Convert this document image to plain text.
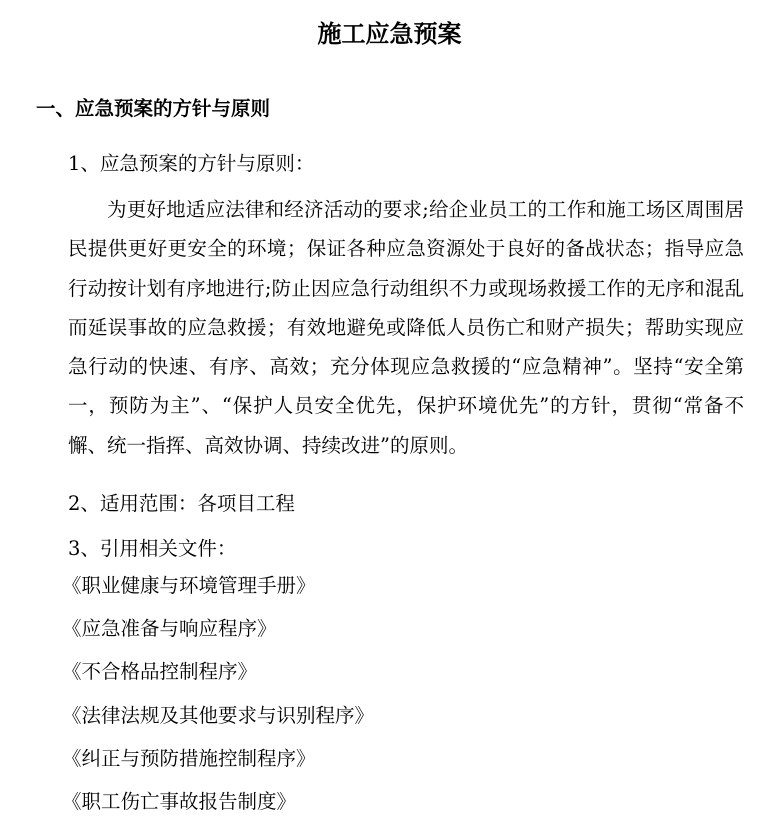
施工应急预案
一、应急预案的方针与原则
1、应急预案的方针与原则：

为更好地适应法律和经济活动的要求;给企业员工的工作和施工场区周围居民提供更好更安全的环境；保证各种应急资源处于良好的备战状态；指导应急行动按计划有序地进行;防止因应急行动组织不力或现场救援工作的无序和混乱而延误事故的应急救援；有效地避免或降低人员伤亡和财产损失；帮助实现应急行动的快速、有序、高效；充分体现应急救援的“应急精神”。坚持“安全第一，预防为主”、“保护人员安全优先，保护环境优先”的方针，贯彻“常备不懈、统一指挥、高效协调、持续改进”的原则。

2、适用范围：各项目工程
3、引用相关文件：
《职业健康与环境管理手册》
《应急准备与响应程序》
《不合格品控制程序》
《法律法规及其他要求与识别程序》
《纠正与预防措施控制程序》
《职工伤亡事故报告制度》
